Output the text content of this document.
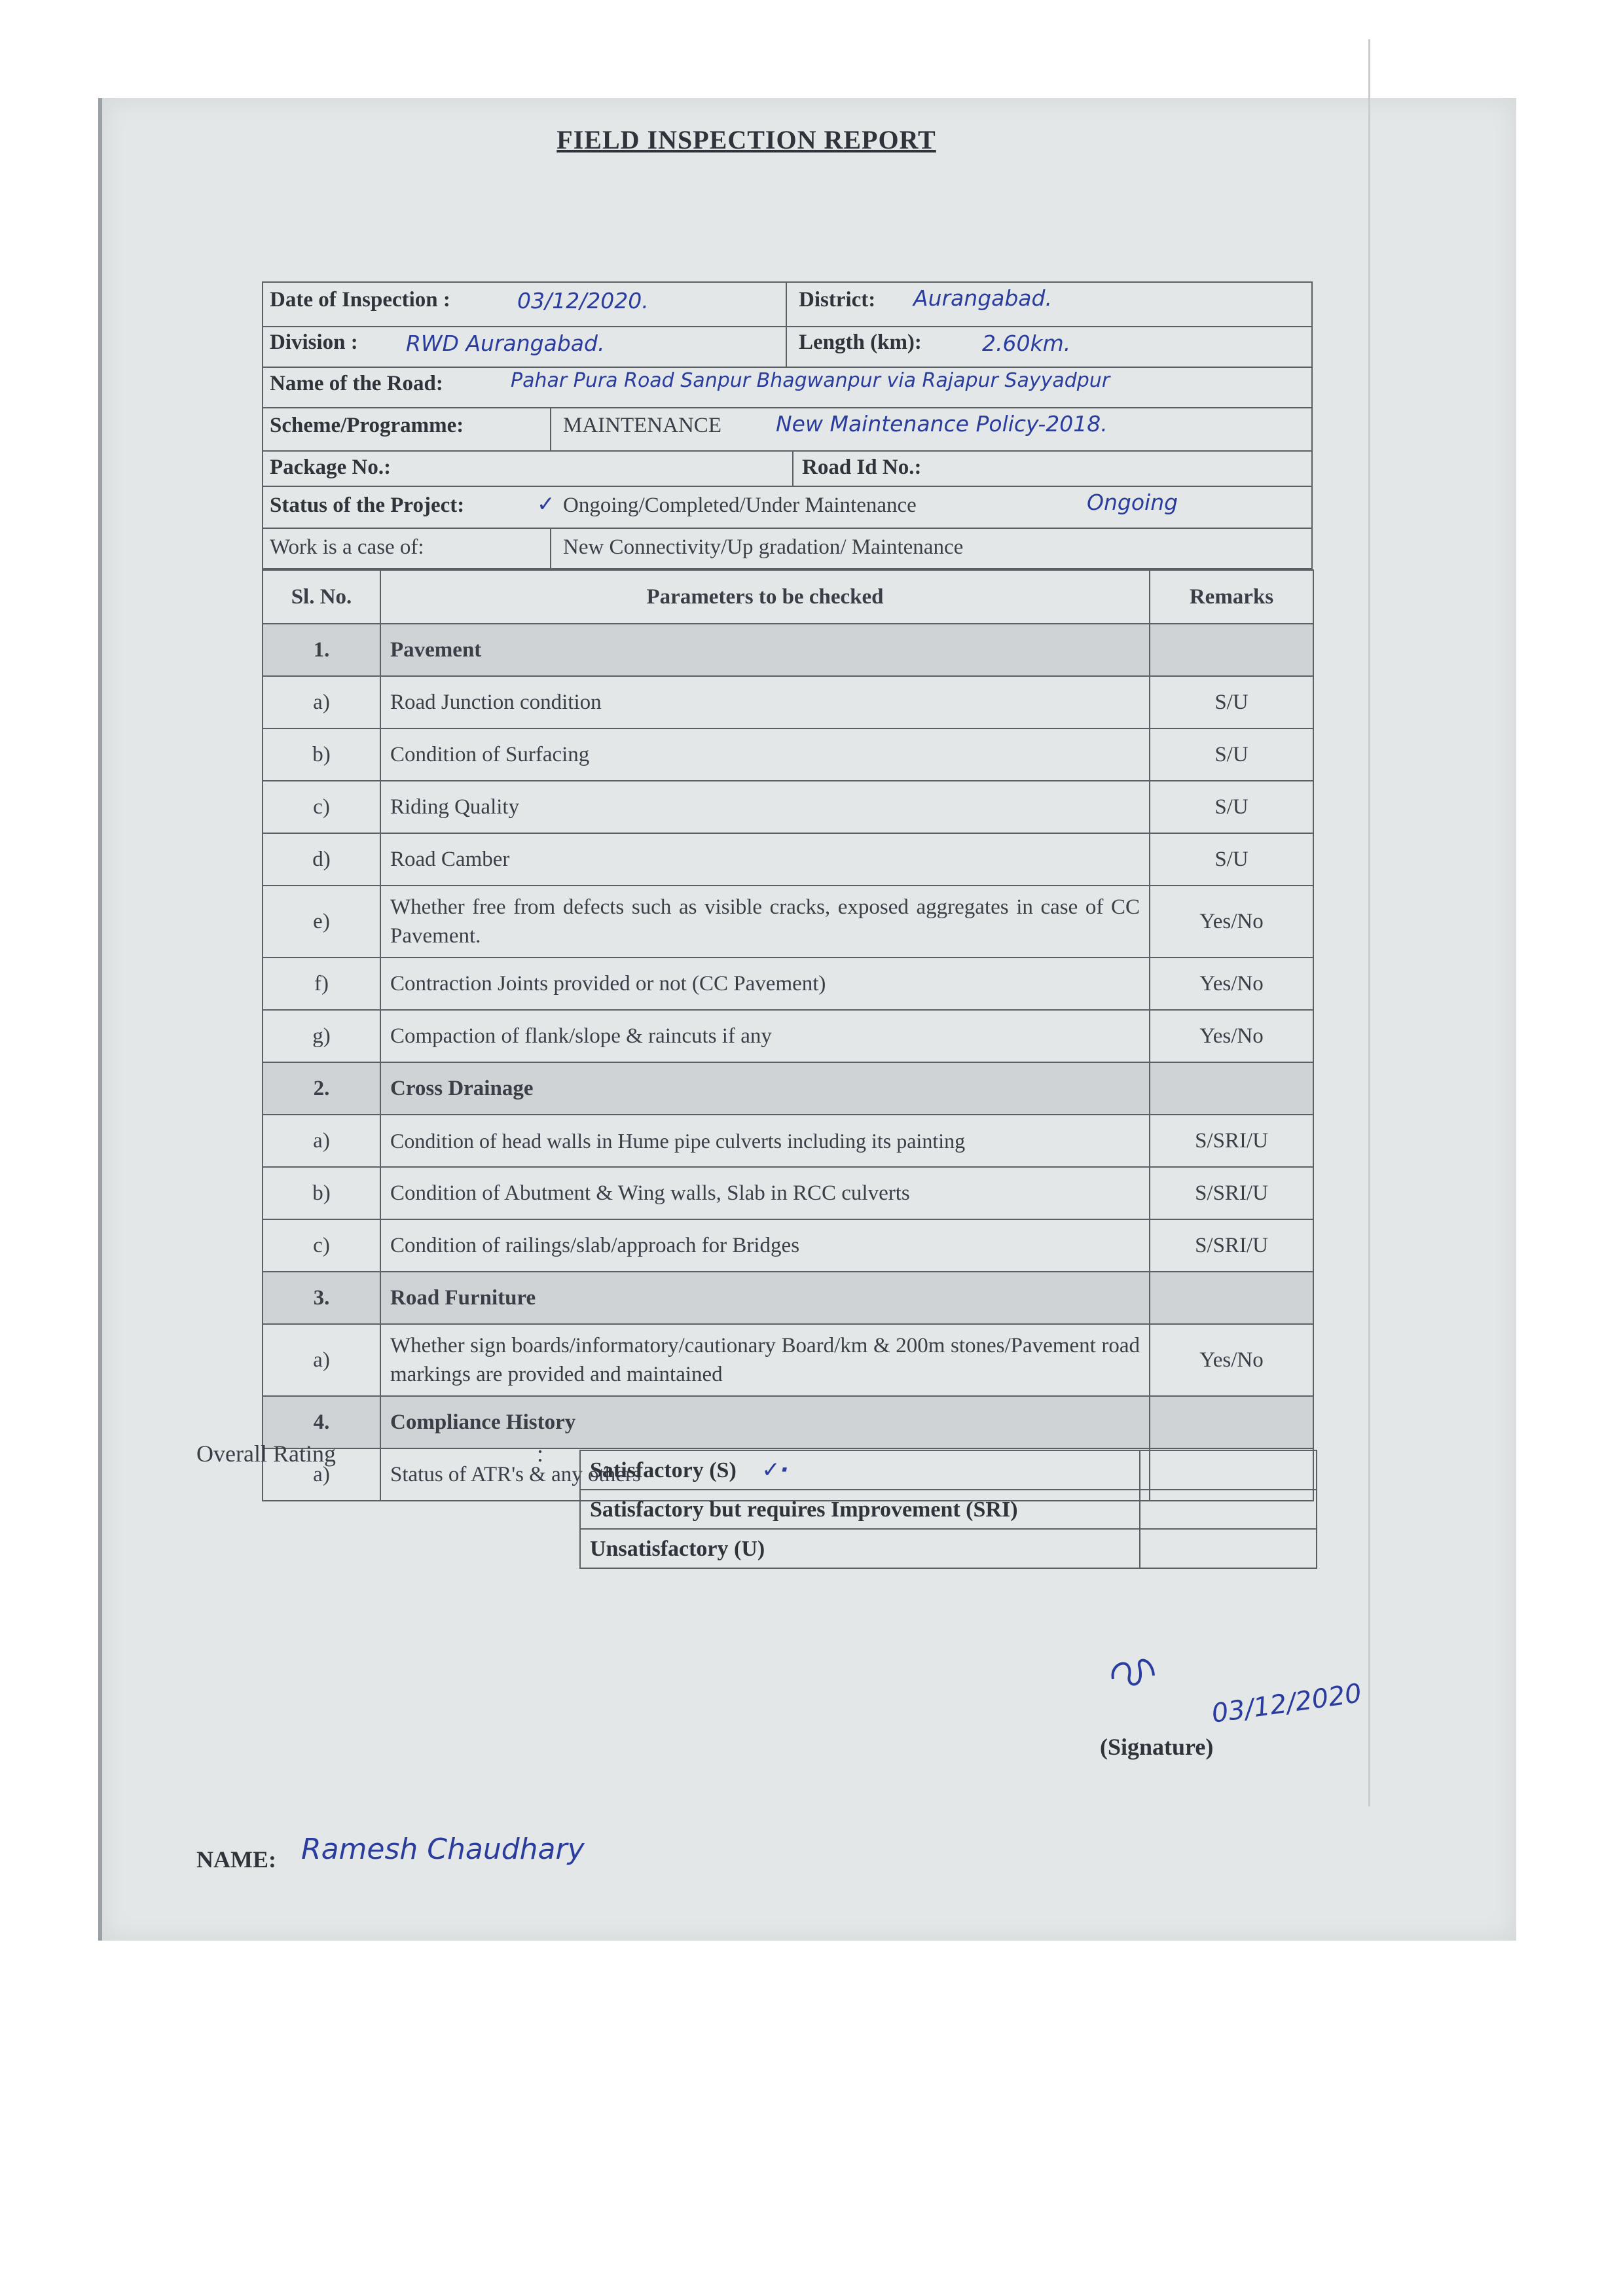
FIELD INSPECTION REPORT
Date of Inspection :	03/12/2020.	District: Aurangabad.
Division : RWD Aurangabad.	Length (km):	2.60km.
Name of the Road:	Pahar Pura Road Sanpur Bhagwanpur via Rajapur Sayyadpur
Scheme/Programme:	MAINTENANCE	New Maintenance Policy-2018.
Package No.:	Road Id No.:
Status of the Project:	✓ Ongoing/Completed/Under Maintenance	Ongoing
Work is a case of:	New Connectivity/Up gradation/ Maintenance
Sl. No.	Parameters to be checked	Remarks
1.	Pavement	
a)	Road Junction condition	S/U
b)	Condition of Surfacing	S/U
c)	Riding Quality	S/U
d)	Road Camber	S/U
e)	Whether free from defects such as visible cracks, exposed aggregates in case of CC Pavement.	Yes/No
f)	Contraction Joints provided or not (CC Pavement)	Yes/No
g)	Compaction of flank/slope & raincuts if any	Yes/No
2.	Cross Drainage	
a)	Condition of head walls in Hume pipe culverts including its painting	S/SRI/U
b)	Condition of Abutment & Wing walls, Slab in RCC culverts	S/SRI/U
c)	Condition of railings/slab/approach for Bridges	S/SRI/U
3.	Road Furniture	
a)	Whether sign boards/informatory/cautionary Board/km & 200m stones/Pavement road markings are provided and maintained	Yes/No
4.	Compliance History	
a)	Status of ATR's & any others	
Overall Rating	:
Satisfactory (S) ✓·	
Satisfactory but requires Improvement (SRI)	
Unsatisfactory (U)	
03/12/2020
(Signature)
NAME: Ramesh Chaudhary
